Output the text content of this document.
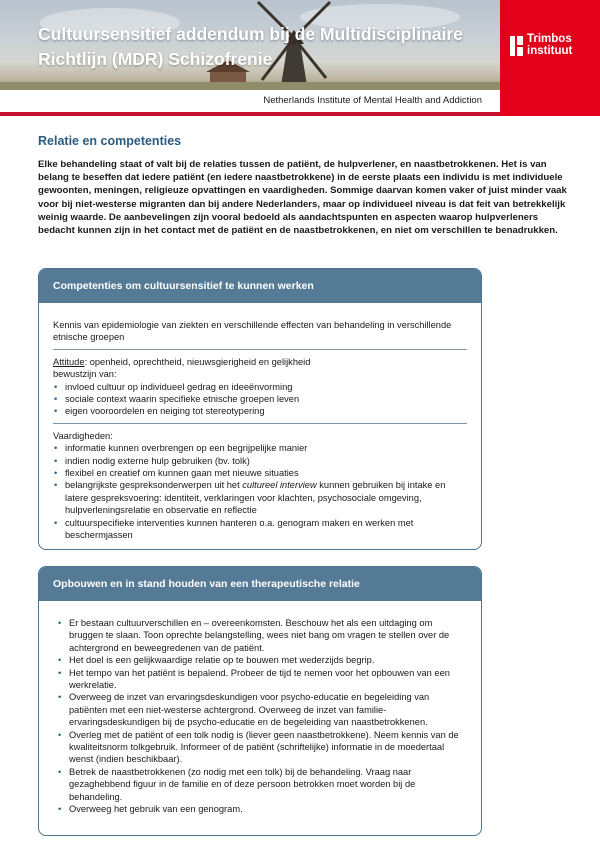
Cultuursensitief addendum bij de Multidisciplinaire
Richtlijn (MDR) Schizofrenie
Netherlands Institute of Mental Health and Addiction
Trimbos
instituut
Relatie en competenties
Elke behandeling staat of valt bij de relaties tussen de patiënt, de hulpverlener, en naastbetrokkenen. Het is van belang te beseffen dat iedere patiënt (en iedere naastbetrokkene) in de eerste plaats een individu is met individuele gewoonten, meningen, religieuze opvattingen en vaardigheden. Sommige daarvan komen vaker of juist minder vaak voor bij niet-westerse migranten dan bij andere Nederlanders, maar op individueel niveau is dat feit van betrekkelijk weinig waarde. De aanbevelingen zijn vooral bedoeld als aandachtspunten en aspecten waarop hulpverleners bedacht kunnen zijn in het contact met de patiënt en de naastbetrokkenen, en niet om verschillen te benadrukken.
Competenties om cultuursensitief te kunnen werken

Kennis van epidemiologie van ziekten en verschillende effecten van behandeling in verschillende etnische groepen

Attitude: openheid, oprechtheid, nieuwsgierigheid en gelijkheid

bewustzijn van:

• invloed cultuur op individueel gedrag en ideeënvorming
• sociale context waarin specifieke etnische groepen leven
• eigen vooroordelen en neiging tot stereotypering

Vaardigheden:

• informatie kunnen overbrengen op een begrijpelijke manier
• indien nodig externe hulp gebruiken (bv. tolk)
• flexibel en creatief om kunnen gaan met nieuwe situaties
• belangrijkste gespreksonderwerpen uit het cultureel interview kunnen gebruiken bij intake en latere gespreksvoering: identiteit, verklaringen voor klachten, psychosociale omgeving, hulpverleningsrelatie en observatie en reflectie
• cultuurspecifieke interventies kunnen hanteren o.a. genogram maken en werken met beschermjassen
Opbouwen en in stand houden van een therapeutische relatie
• Er bestaan cultuurverschillen en – overeenkomsten. Beschouw het als een uitdaging om bruggen te slaan. Toon oprechte belangstelling, wees niet bang om vragen te stellen over de achtergrond en beweegredenen van de patiënt.
• Het doel is een gelijkwaardige relatie op te bouwen met wederzijds begrip.
• Het tempo van het patiënt is bepalend. Probeer de tijd te nemen voor het opbouwen van een werkrelatie.
• Overweeg de inzet van ervaringsdeskundigen voor psycho-educatie en begeleiding van patiënten met een niet-westerse achtergrond. Overweeg de inzet van familie-ervaringsdeskundigen bij de psycho-educatie en de begeleiding van naastbetrokkenen.
• Overleg met de patiënt of een tolk nodig is (liever geen naastbetrokkene). Neem kennis van de kwaliteitsnorm tolkgebruik. Informeer of de patiënt (schriftelijke) informatie in de moedertaal wenst (indien beschikbaar).
• Betrek de naastbetrokkenen (zo nodig met een tolk) bij de behandeling. Vraag naar gezaghebbend figuur in de familie en of deze persoon betrokken moet worden bij de behandeling.
• Overweeg het gebruik van een genogram.
